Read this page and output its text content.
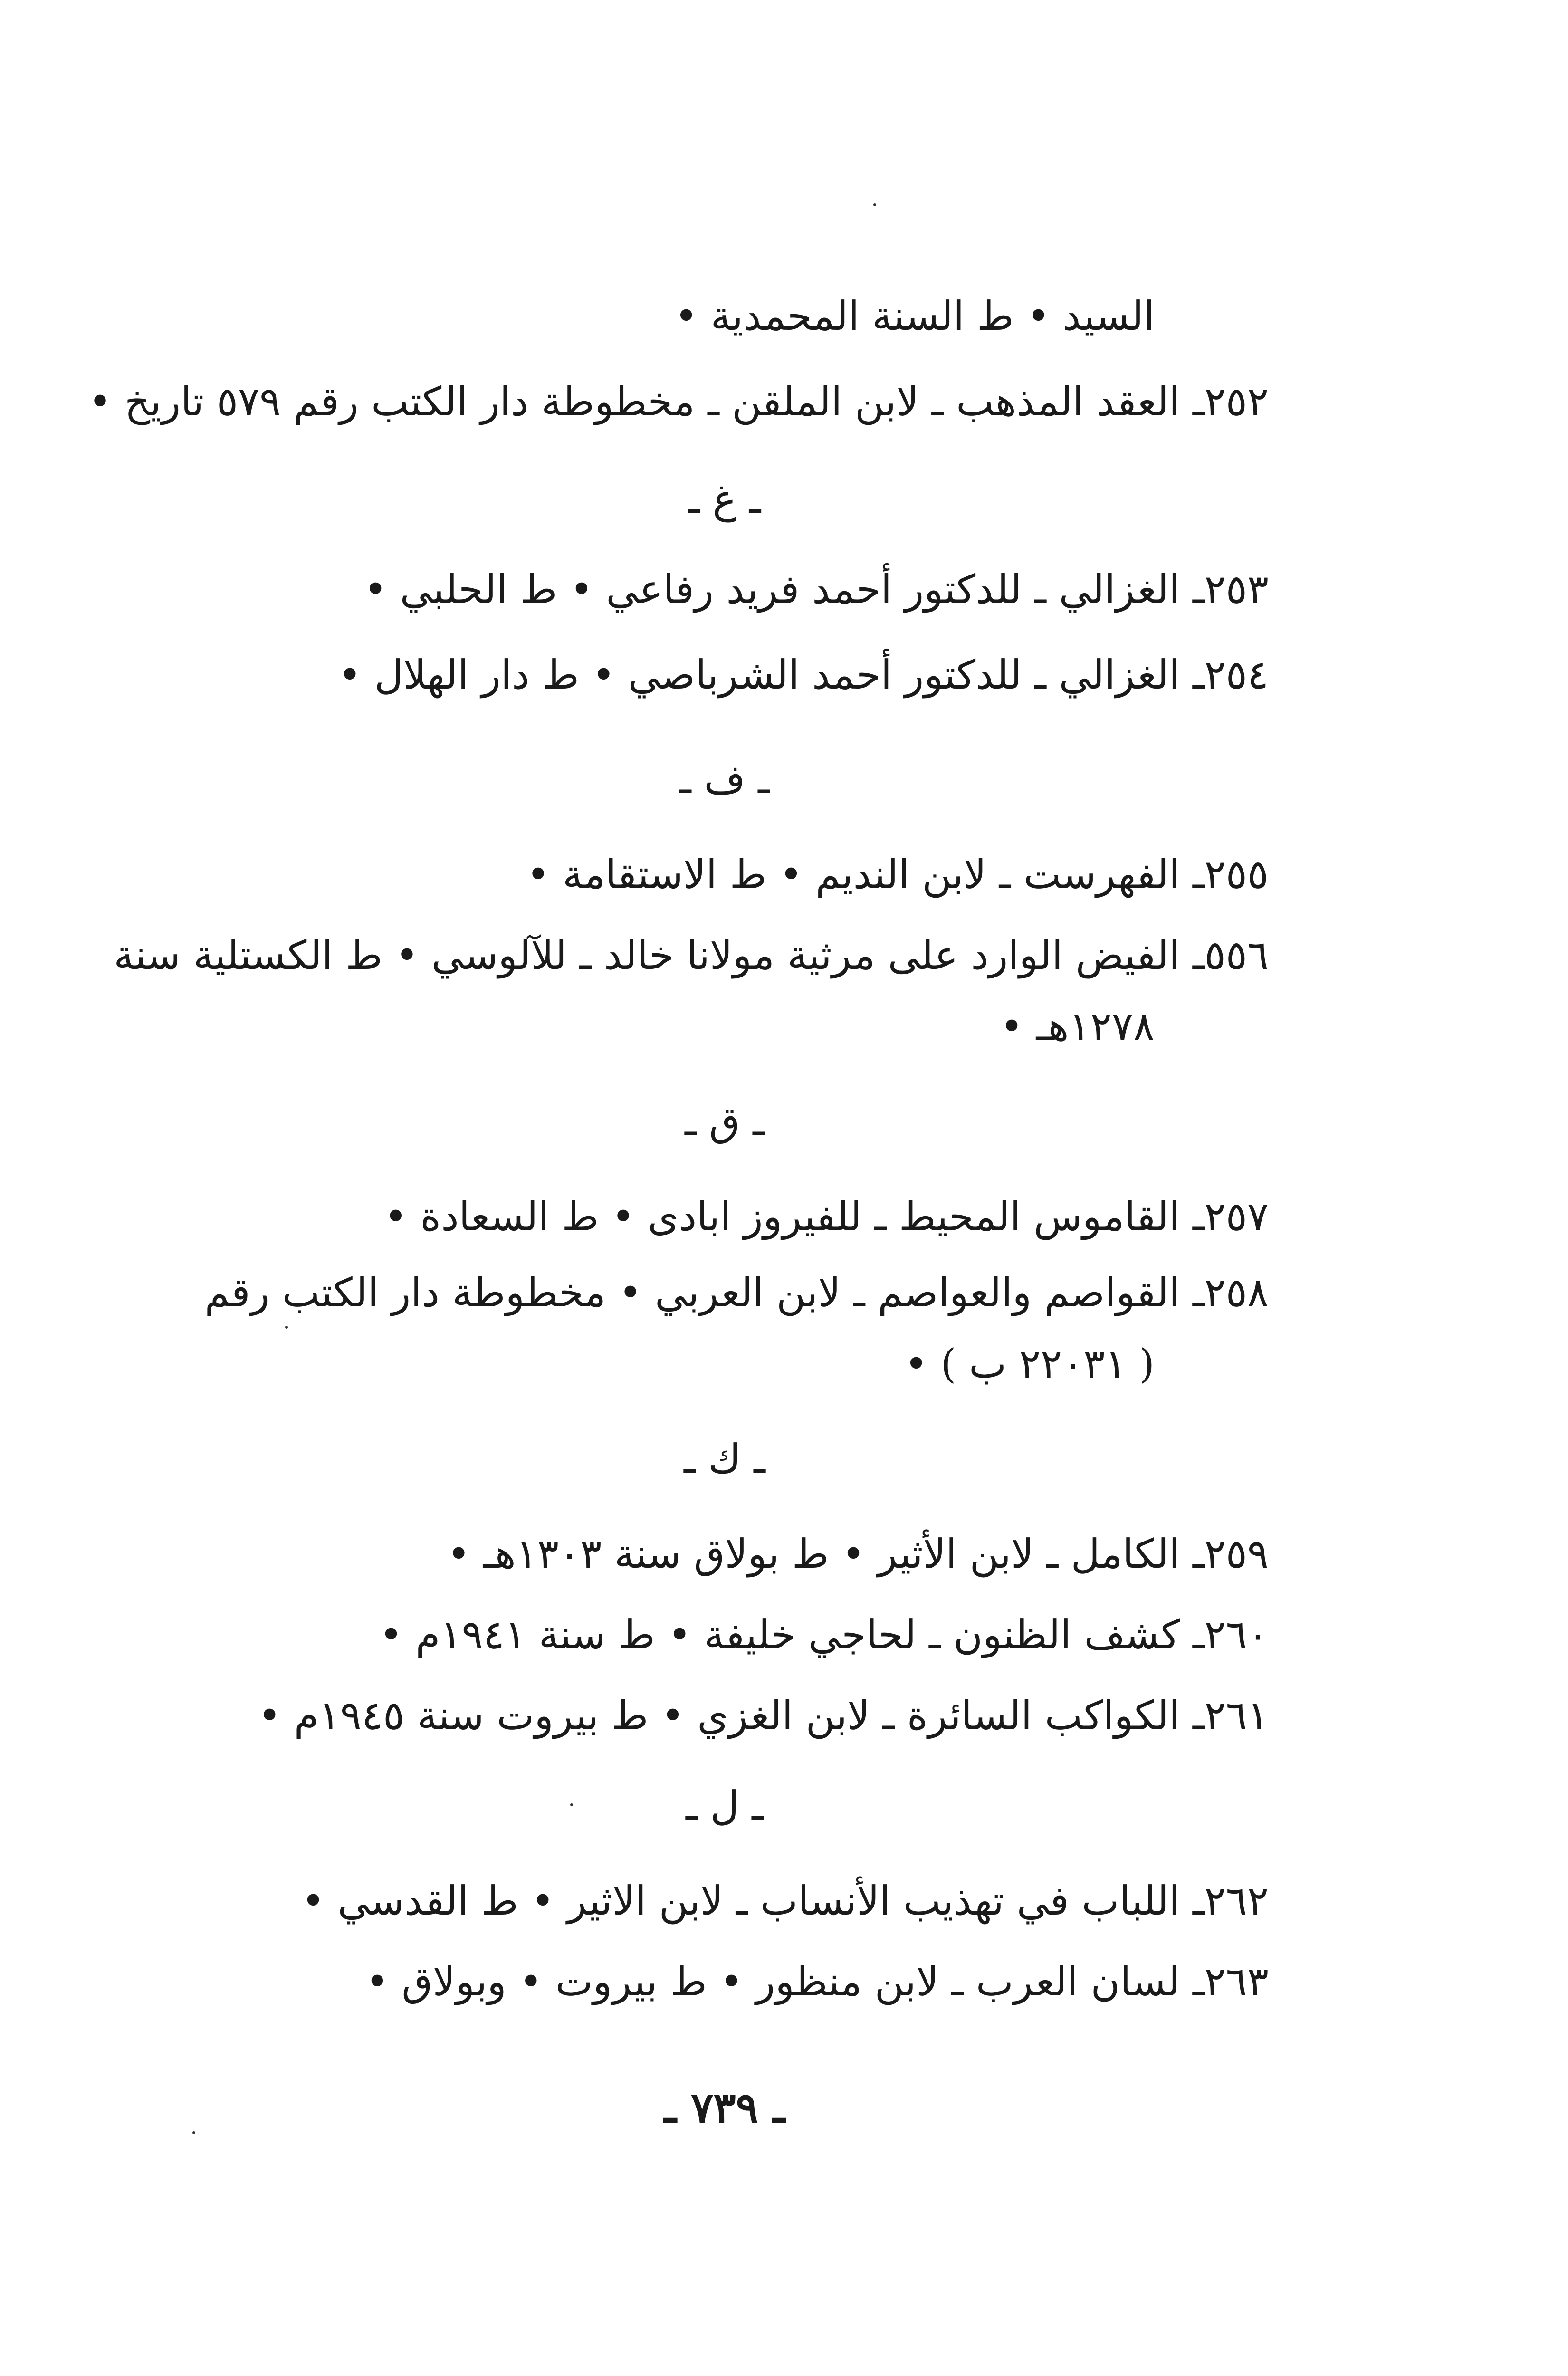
السيد • ط السنة المحمدية •
٢٥٢ـ العقد المذهب ـ لابن الملقن ـ مخطوطة دار الكتب رقم ٥٧٩ تاريخ •
ـ غ ـ
٢٥٣ـ الغزالي ـ للدكتور أحمد فريد رفاعي • ط الحلبي •
٢٥٤ـ الغزالي ـ للدكتور أحمد الشرباصي • ط دار الهلال •
ـ ف ـ
٢٥٥ـ الفهرست ـ لابن النديم • ط الاستقامة •
٥٥٦ـ الفيض الوارد على مرثية مولانا خالد ـ للآلوسي • ط الكستلية سنة
١٢٧٨هـ •
ـ ق ـ
٢٥٧ـ القاموس المحيط ـ للفيروز ابادى • ط السعادة •
٢٥٨ـ القواصم والعواصم ـ لابن العربي • مخطوطة دار الكتب رقم
( ٢٢٠٣١ ب ) •
ـ ك ـ
٢٥٩ـ الكامل ـ لابن الأثير • ط بولاق سنة ١٣٠٣هـ •
٢٦٠ـ كشف الظنون ـ لحاجي خليفة • ط سنة ١٩٤١م •
٢٦١ـ الكواكب السائرة ـ لابن الغزي • ط بيروت سنة ١٩٤٥م •
ـ ل ـ
٢٦٢ـ اللباب في تهذيب الأنساب ـ لابن الاثير • ط القدسي •
٢٦٣ـ لسان العرب ـ لابن منظور • ط بيروت • وبولاق •
ـ ٧٣٩ ـ
